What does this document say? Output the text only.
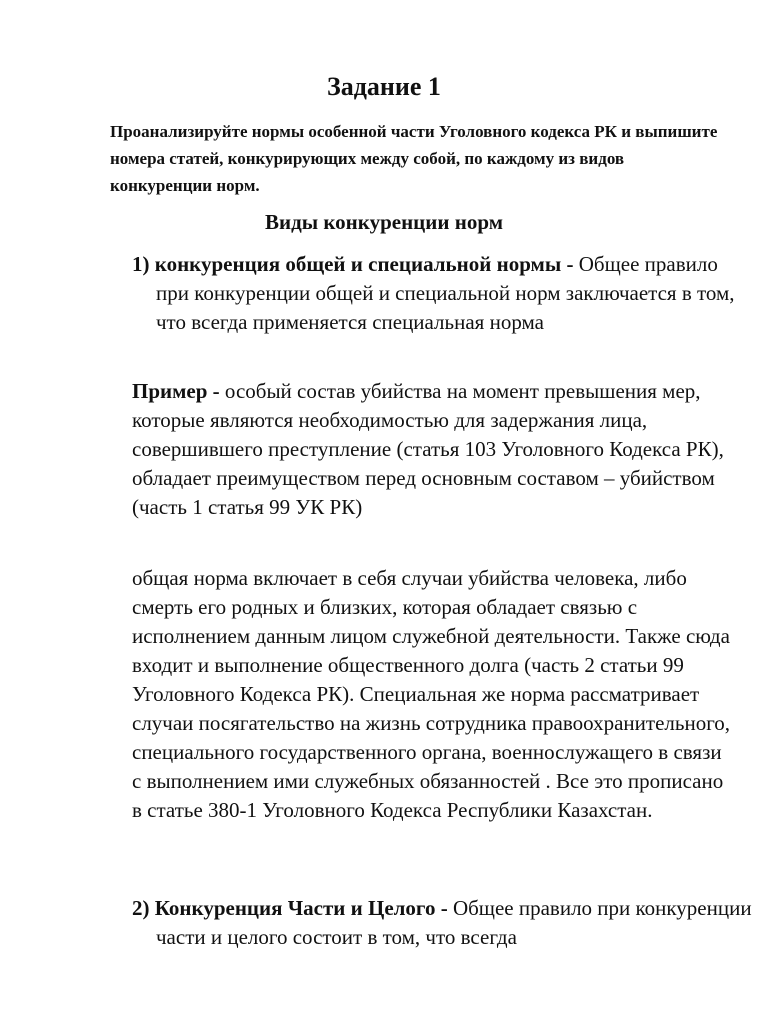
Задание 1

Проанализируйте нормы особенной части Уголовного кодекса РК и выпишите номера статей, конкурирующих между собой, по каждому из видов конкуренции норм.

Виды конкуренции норм

1) конкуренция общей и специальной нормы - Общее правило при конкуренции общей и специальной норм заключается в том, что всегда применяется специальная норма

Пример - особый состав убийства на момент превышения мер, которые являются необходимостью для задержания лица, совершившего преступление (статья 103 Уголовного Кодекса РК), обладает преимуществом перед основным составом – убийством (часть 1 статья 99 УК РК)

общая норма включает в себя случаи убийства человека, либо смерть его родных и близких, которая обладает связью с исполнением данным лицом служебной деятельности. Также сюда входит и выполнение общественного долга (часть 2 статьи 99 Уголовного Кодекса РК). Специальная же норма рассматривает случаи посягательство на жизнь сотрудника правоохранительного, специального государственного органа, военнослужащего в связи с выполнением ими служебных обязанностей . Все это прописано в статье 380-1 Уголовного Кодекса Республики Казахстан.

2) Конкуренция Части и Целого - Общее правило при конкуренции части и целого состоит в том, что всегда
